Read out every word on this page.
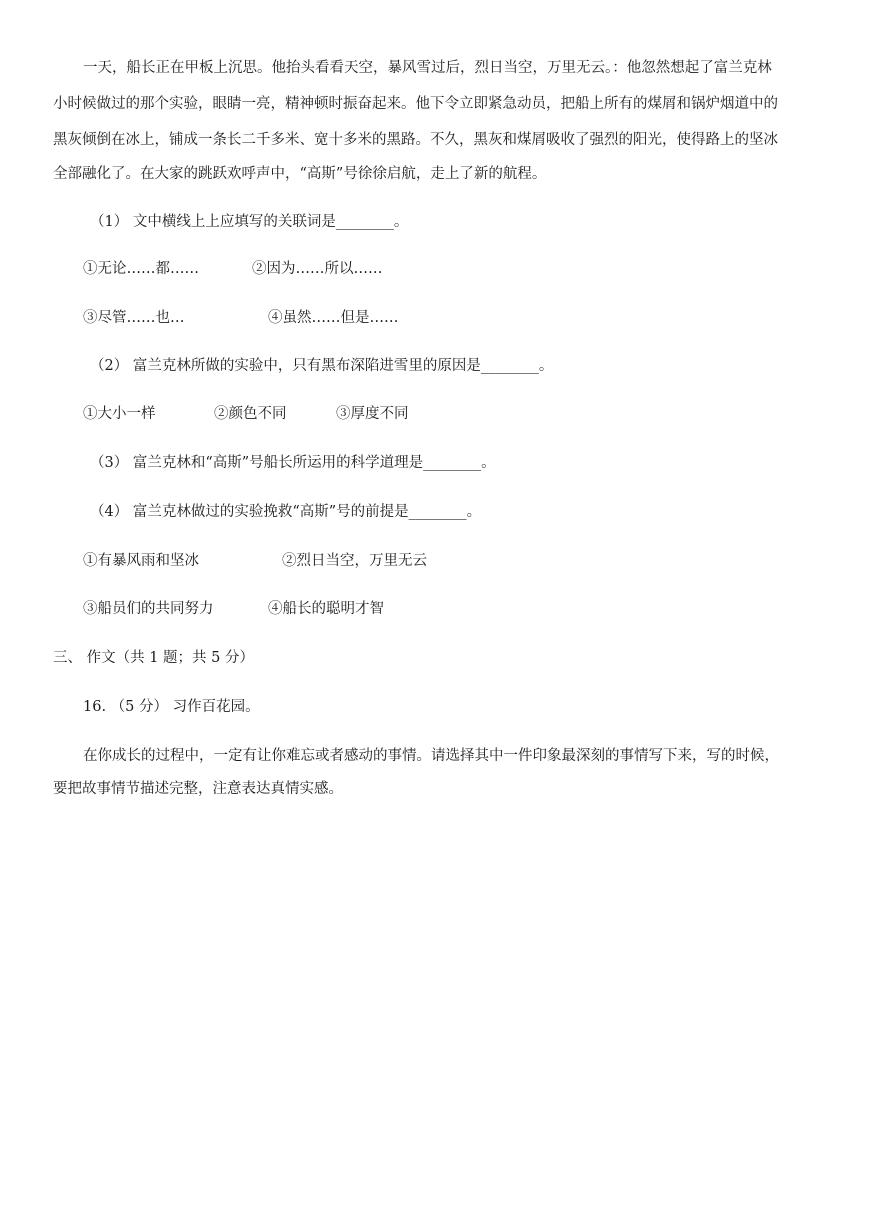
一天，船长正在甲板上沉思。他抬头看看天空，暴风雪过后，烈日当空，万里无云。：他忽然想起了富兰克林
小时候做过的那个实验，眼睛一亮，精神顿时振奋起来。他下令立即紧急动员，把船上所有的煤屑和锅炉烟道中的
黑灰倾倒在冰上，铺成一条长二千多米、宽十多米的黑路。不久，黑灰和煤屑吸收了强烈的阳光，使得路上的坚冰
全部融化了。在大家的跳跃欢呼声中，“高斯”号徐徐启航，走上了新的航程。
（1） 文中横线上上应填写的关联词是________。
①无论……都……	②因为……所以……
③尽管……也…	④虽然……但是……
（2） 富兰克林所做的实验中，只有黑布深陷进雪里的原因是________。
①大小一样	②颜色不同	③厚度不同
（3） 富兰克林和“高斯”号船长所运用的科学道理是________。
（4） 富兰克林做过的实验挽救“高斯”号的前提是________。
①有暴风雨和坚冰	②烈日当空，万里无云
③船员们的共同努力	④船长的聪明才智
三、 作文（共 1 题；共 5 分）
16. （5 分） 习作百花园。
在你成长的过程中，一定有让你难忘或者感动的事情。请选择其中一件印象最深刻的事情写下来，写的时候，
要把故事情节描述完整，注意表达真情实感。
